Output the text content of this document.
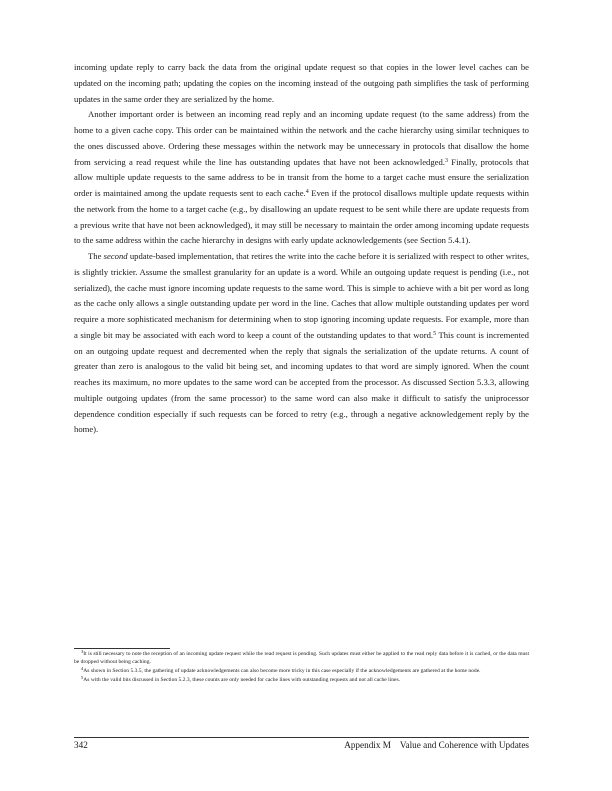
incoming update reply to carry back the data from the original update request so that copies in the lower level caches can be updated on the incoming path; updating the copies on the incoming instead of the outgoing path simplifies the task of performing updates in the same order they are serialized by the home.

Another important order is between an incoming read reply and an incoming update request (to the same address) from the home to a given cache copy. This order can be maintained within the network and the cache hierarchy using similar techniques to the ones discussed above. Ordering these messages within the network may be unnecessary in protocols that disallow the home from servicing a read request while the line has outstanding updates that have not been acknowledged.$^3$ Finally, protocols that allow multiple update requests to the same address to be in transit from the home to a target cache must ensure the serialization order is maintained among the update requests sent to each cache.$^4$ Even if the protocol disallows multiple update requests within the network from the home to a target cache (e.g., by disallowing an update request to be sent while there are update requests from a previous write that have not been acknowledged), it may still be necessary to maintain the order among incoming update requests to the same address within the cache hierarchy in designs with early update acknowledgements (see Section 5.4.1).

The second update-based implementation, that retires the write into the cache before it is serialized with respect to other writes, is slightly trickier. Assume the smallest granularity for an update is a word. While an outgoing update request is pending (i.e., not serialized), the cache must ignore incoming update requests to the same word. This is simple to achieve with a bit per word as long as the cache only allows a single outstanding update per word in the line. Caches that allow multiple outstanding updates per word require a more sophisticated mechanism for determining when to stop ignoring incoming update requests. For example, more than a single bit may be associated with each word to keep a count of the outstanding updates to that word.$^5$ This count is incremented on an outgoing update request and decremented when the reply that signals the serialization of the update returns. A count of greater than zero is analogous to the valid bit being set, and incoming updates to that word are simply ignored. When the count reaches its maximum, no more updates to the same word can be accepted from the processor. As discussed Section 5.3.3, allowing multiple outgoing updates (from the same processor) to the same word can also make it difficult to satisfy the uniprocessor dependence condition especially if such requests can be forced to retry (e.g., through a negative acknowledgement reply by the home).

$^3$It is still necessary to note the reception of an incoming update request while the read request is pending. Such updates must either be applied to the read reply data before it is cached, or the data must be dropped without being caching.

$^4$As shown in Section 5.3.5, the gathering of update acknowledgements can also become more tricky in this case especially if the acknowledgements are gathered at the home node.

$^5$As with the valid bits discussed in Section 5.2.3, these counts are only needed for cache lines with outstanding requests and not all cache lines.

342	Appendix M Value and Coherence with Updates
